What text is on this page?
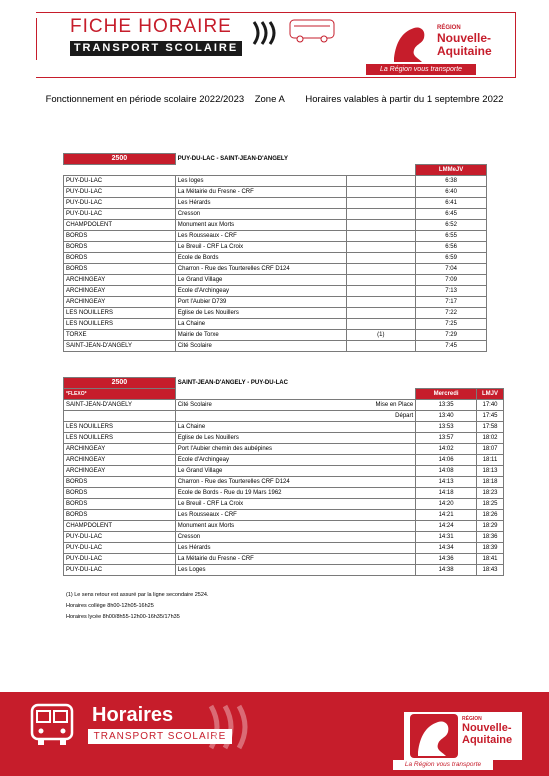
FICHE HORAIRE
TRANSPORT SCOLAIRE
RÉGION
Nouvelle-
Aquitaine
La Région vous transporte
Fonctionnement en période scolaire 2022/2023    Zone A        Horaires valables à partir du 1 septembre 2022
2500	PUY-DU-LAC - SAINT-JEAN-D'ANGELY		
			LMMeJV
PUY-DU-LAC	Les loges		6:38
PUY-DU-LAC	La Métairie du Fresne - CRF		6:40
PUY-DU-LAC	Les Hérards		6:41
PUY-DU-LAC	Cresson		6:45
CHAMPDOLENT	Monument aux Morts		6:52
BORDS	Les Rousseaux - CRF		6:55
BORDS	Le Breuil - CRF La Croix		6:56
BORDS	Ecole de Bords		6:59
BORDS	Charron - Rue des Tourterelles CRF D124		7:04
ARCHINGEAY	Le Grand Village		7:09
ARCHINGEAY	Ecole d'Archingeay		7:13
ARCHINGEAY	Port l'Aubier D739		7:17
LES NOUILLERS	Eglise de Les Nouillers		7:22
LES NOUILLERS	La Chaine		7:25
TORXE	Mairie de Torxe	(1)	7:29
SAINT-JEAN-D'ANGELY	Cité Scolaire		7:45
2500	SAINT-JEAN-D'ANGELY - PUY-DU-LAC			
*FLEXO*			Mercredi	LMJV
SAINT-JEAN-D'ANGELY	Cité Scolaire	Mise en Place	13:35	17:40
		Départ	13:40	17:45
LES NOUILLERS	La Chaine		13:53	17:58
LES NOUILLERS	Eglise de Les Nouillers		13:57	18:02
ARCHINGEAY	Port l'Aubier chemin des aubépines		14:02	18:07
ARCHINGEAY	Ecole d'Archingeay		14:06	18:11
ARCHINGEAY	Le Grand Village		14:08	18:13
BORDS	Charron - Rue des Tourterelles CRF D124		14:13	18:18
BORDS	Ecole de Bords - Rue du 19 Mars 1962		14:18	18:23
BORDS	Le Breuil - CRF La Croix		14:20	18:25
BORDS	Les Rousseaux - CRF		14:21	18:26
CHAMPDOLENT	Monument aux Morts		14:24	18:29
PUY-DU-LAC	Cresson		14:31	18:36
PUY-DU-LAC	Les Hérards		14:34	18:39
PUY-DU-LAC	La Métairie du Fresne - CRF		14:36	18:41
PUY-DU-LAC	Les Loges		14:38	18:43
(1) Le sens retour est assuré par la ligne secondaire 2524.
Horaires collège 8h00-12h05-16h25
Horaires lycée 8h00/8h55-12h00-16h35/17h35
Horaires
TRANSPORT SCOLAIRE
RÉGION
Nouvelle-
Aquitaine
La Région vous transporte
